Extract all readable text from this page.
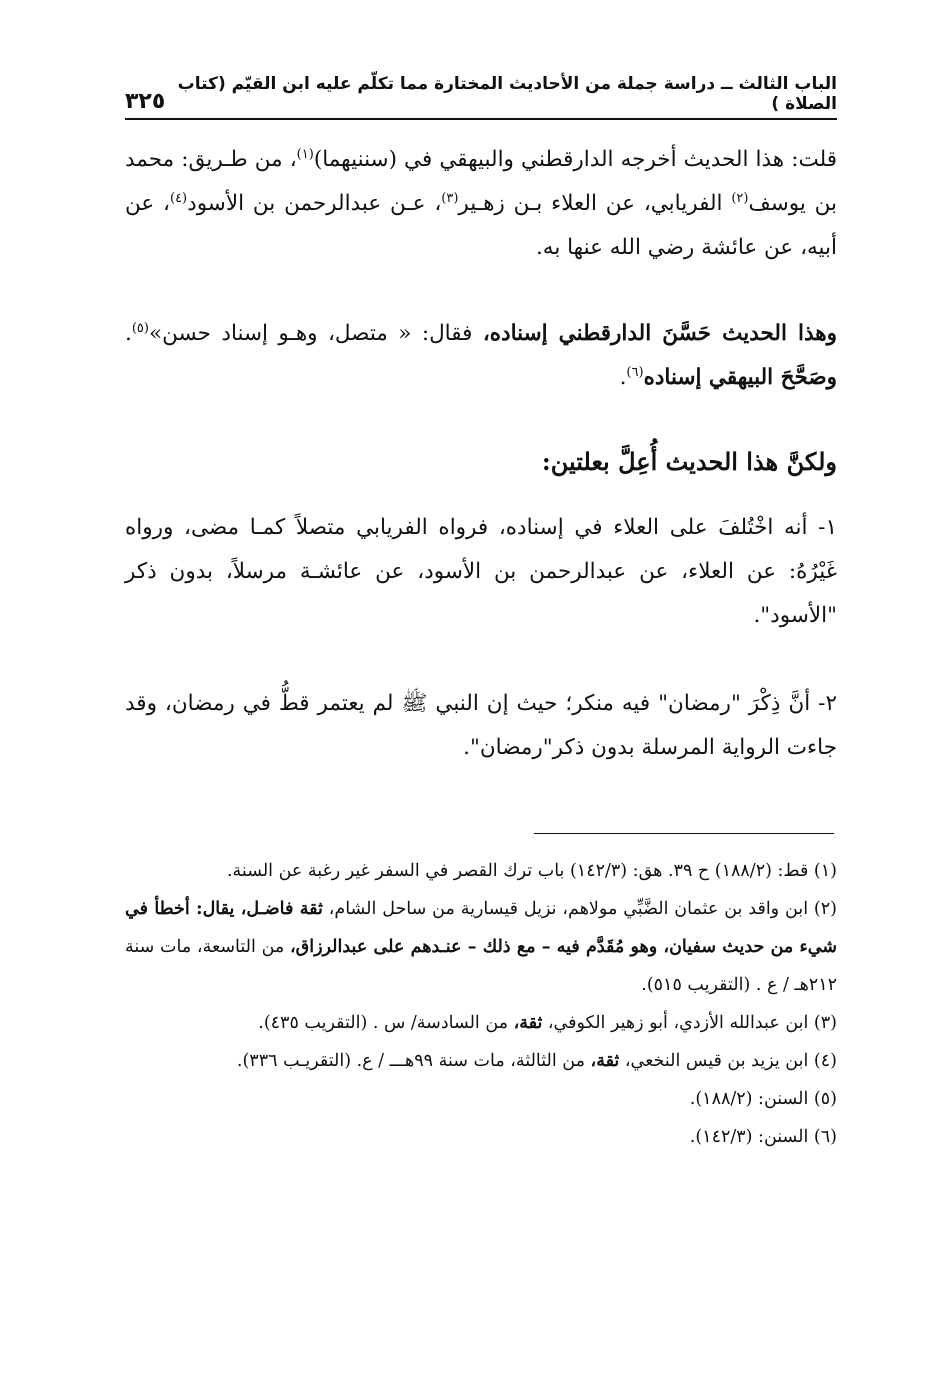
الباب الثالث ــ دراسة جملة من الأحاديث المختارة مما تكلّم عليه ابن القيّم (كتاب الصلاة )
٣٢٥

قلت: هذا الحديث أخرجه الدارقطني والبيهقي في (سننيهما)$^{(١)}$، من طـريق: محمد بن يوسف$^{(٢)}$ الفريابي، عن العلاء بـن زهـير$^{(٣)}$، عـن عبدالرحمن بن الأسود$^{(٤)}$، عن أبيه، عن عائشة رضي الله عنها به.

وهذا الحديث حَسَّنَ الدارقطني إسناده، فقال: « متصل، وهـو إسناد حسن»$^{(٥)}$. وصَحَّحَ البيهقي إسناده$^{(٦)}$.

ولكنَّ هذا الحديث أُعِلَّ بعلتين:

١- أنه اخْتُلفَ على العلاء في إسناده، فرواه الفريابي متصلاً كمـا مضى، ورواه غَيْرُهُ: عن العلاء، عن عبدالرحمن بن الأسود، عن عائشـة مرسلاً، بدون ذكر "الأسود".

٢- أنَّ ذِكْرَ "رمضان" فيه منكر؛ حيث إن النبي ﷺ لم يعتمر قطُّ في رمضان، وقد جاءت الرواية المرسلة بدون ذكر"رمضان".

(١) قط: (١٨٨/٢) ح ٣٩. هق: (١٤٢/٣) باب ترك القصر في السفر غير رغبة عن السنة.

(٢) ابن واقد بن عثمان الضَّبِّي مولاهم، نزيل قيسارية من ساحل الشام، ثقة فاضـل، يقال: أخطأ في شيء من حديث سفيان، وهو مُقَدَّم فيه – مع ذلك – عنـدهم على عبدالرزاق، من التاسعة، مات سنة ٢١٢هـ / ع . (التقريب ٥١٥).

(٣) ابن عبدالله الأزدي، أبو زهير الكوفي، ثقة، من السادسة/ س . (التقريب ٤٣٥).

(٤) ابن يزيد بن قيس النخعي، ثقة، من الثالثة، مات سنة ٩٩هـــ / ع. (التقريـب ٣٣٦).

(٥) السنن: (١٨٨/٢).

(٦) السنن: (١٤٢/٣).
